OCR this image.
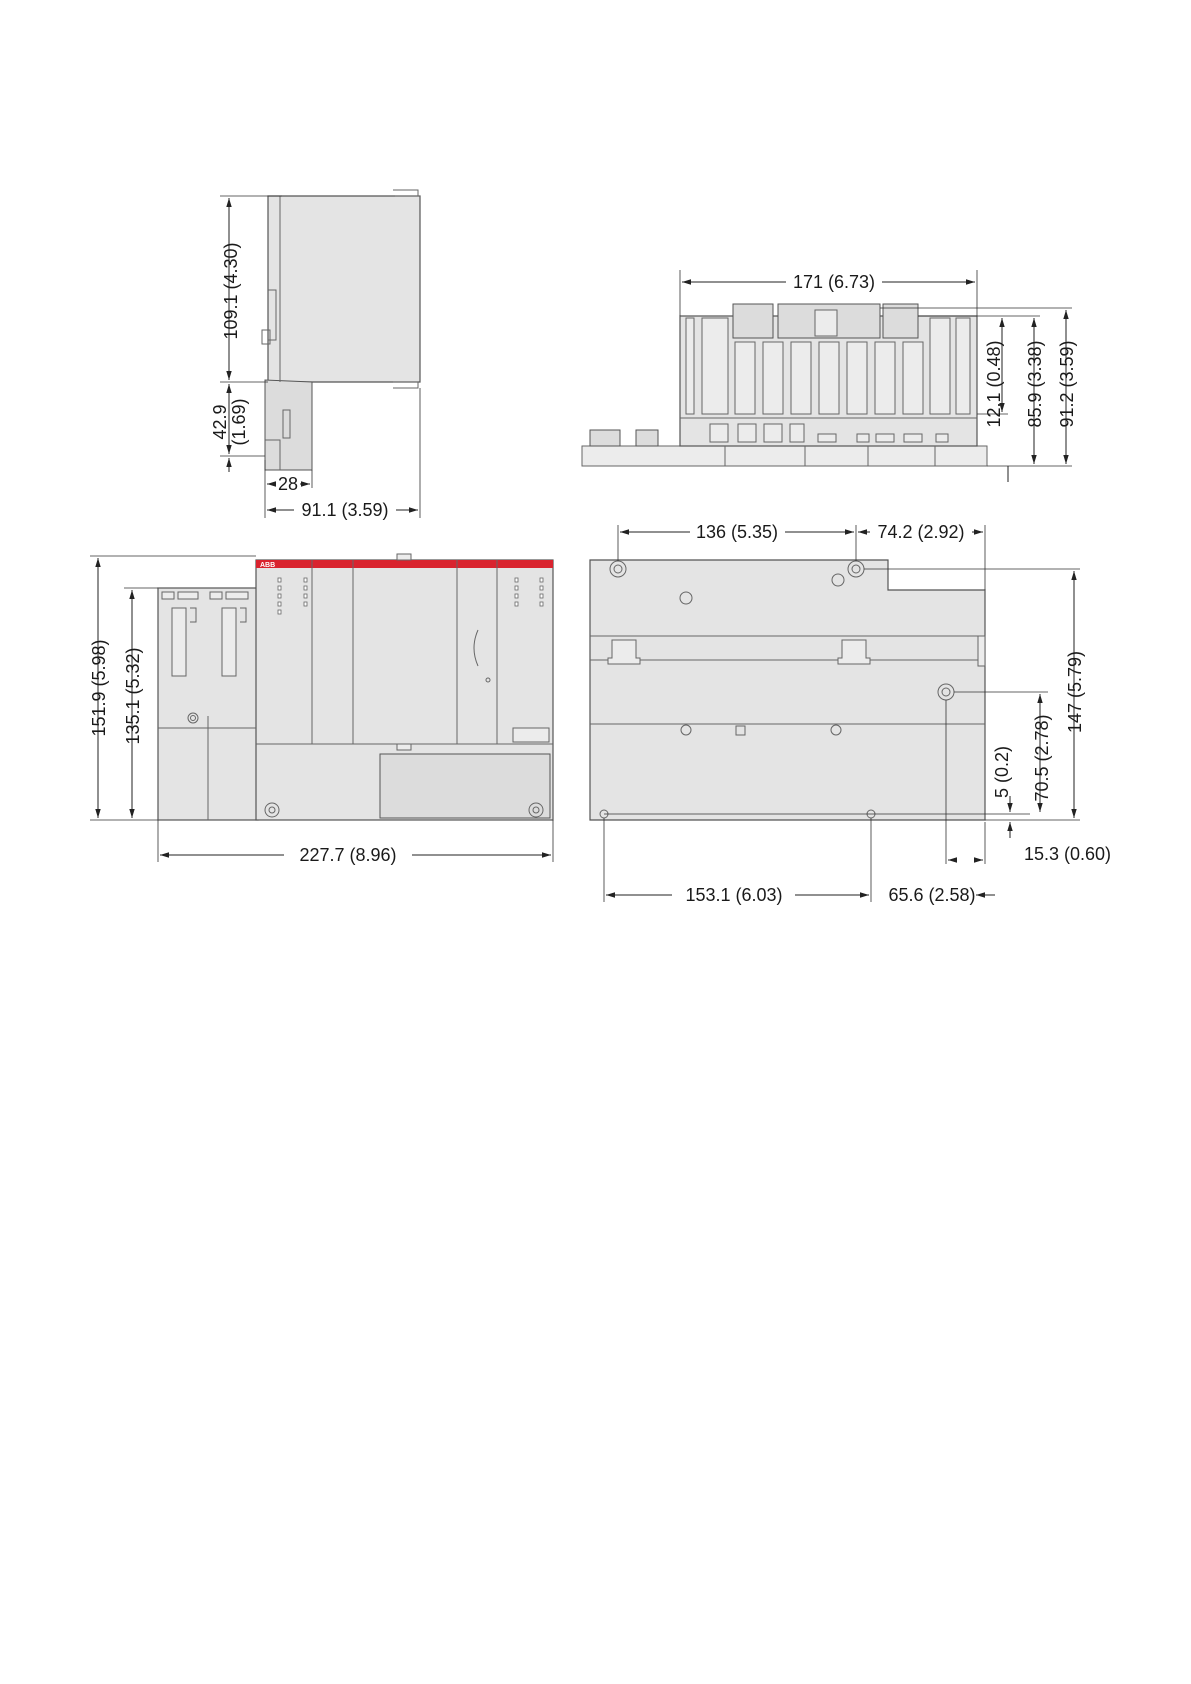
109.1 (4.30)
42.9 (1.69)
28
91.1 (3.59)
171 (6.73)
12.1 (0.48) 85.9 (3.38) 91.2 (3.59)
ABB
151.9 (5.98) 135.1 (5.32)
227.7 (8.96)
136 (5.35)	74.2 (2.92)
147 (5.79)
70.5 (2.78)
5 (0.2)
15.3 (0.60)
153.1 (6.03)	65.6 (2.58)
